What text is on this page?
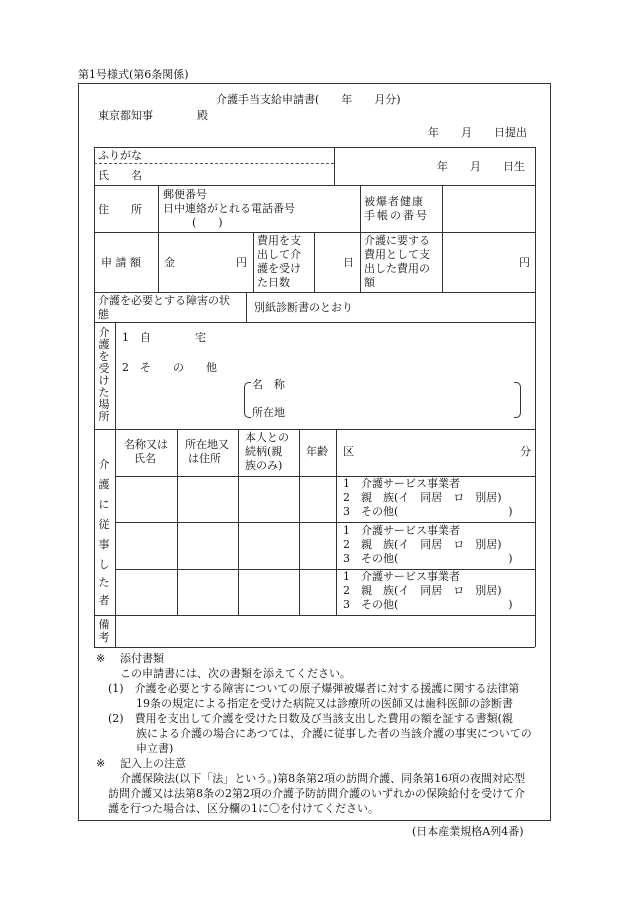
第1号様式(第6条関係)
介護手当支給申請書(　　年　　月分)
東京都知事　　　　殿
年　　月　　日提出
ふりがな
氏　　名
年　　月　　日生
住　　所
郵便番号
日中連絡がとれる電話番号
(　　)
被爆者健康
手帳の番号
申 請 額 金	円
費用を支
出して介
護を受け
た日数
日
介護に要する
費用として支
出した費用の
額
円
介護を必要とする障害の状
態
別紙診断書のとおり
介
護
を
受
け
た
場
所
1　自　　　　宅
2　そ　　の　　他
名　称
所在地
介
護
に
従
事
し
た
者
名称又は
氏名
所在地又
は住所
本人との
続柄(親
族のみ)
年齢 区	分
1　介護サービス事業者
2　親　族(イ　同居　ロ　別居)
3　その他(　　　　　　　　　　)
1　介護サービス事業者
2　親　族(イ　同居　ロ　別居)
3　その他(　　　　　　　　　　)
1　介護サービス事業者
2　親　族(イ　同居　ロ　別居)
3　その他(　　　　　　　　　　)
備
考
※ 添付書類
この申請書には、次の書類を添えてください。
(1)　介護を必要とする障害についての原子爆弾被爆者に対する援護に関する法律第
19条の規定による指定を受けた病院又は診療所の医師又は歯科医師の診断書
(2)　費用を支出して介護を受けた日数及び当該支出した費用の額を証する書類(親
族による介護の場合にあつては、介護に従事した者の当該介護の事実についての
申立書)
※ 記入上の注意
介護保険法(以下「法」という。)第8条第2項の訪問介護、同条第16項の夜間対応型
訪問介護又は法第8条の2第2項の介護予防訪問介護のいずれかの保険給付を受けて介
護を行つた場合は、区分欄の1に〇を付けてください。
(日本産業規格A列4番)
